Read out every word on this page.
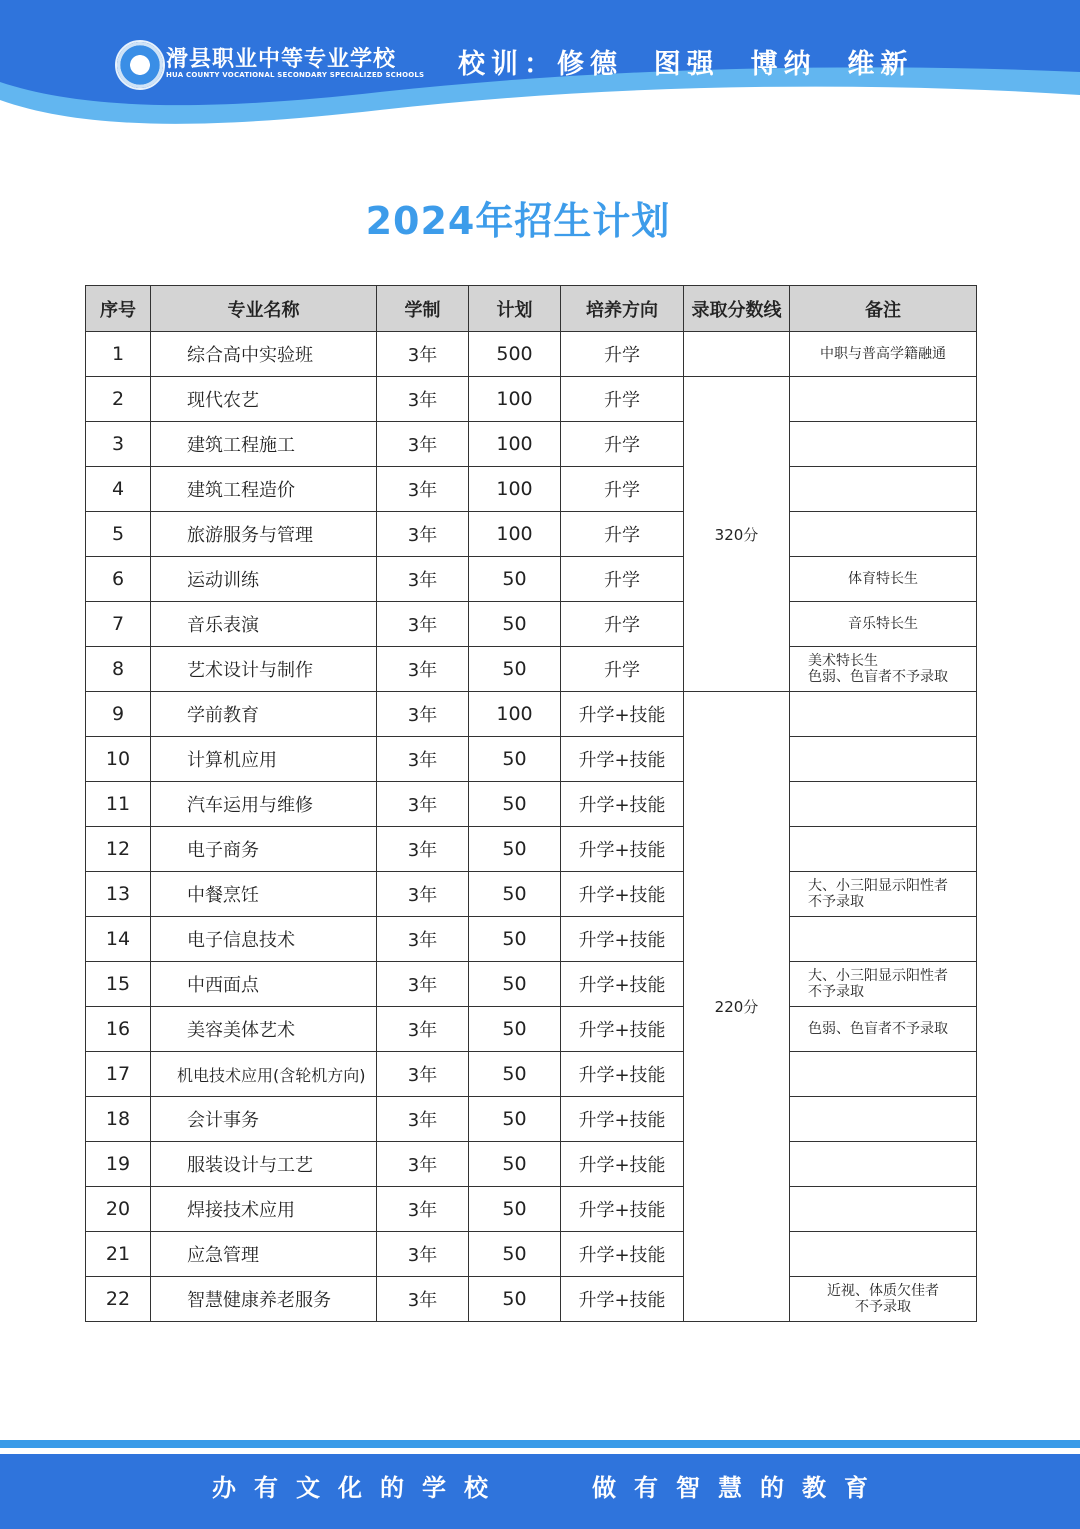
滑县职业中等专业学校
HUA COUNTY VOCATIONAL SECONDARY SPECIALIZED SCHOOLS 校训：修德  图强  博纳  维新
2024年招生计划
序号	专业名称	学制	计划	培养方向	录取分数线	备注
1	综合高中实验班	3年	500	升学		中职与普高学籍融通
2	现代农艺	3年	100	升学	320分	
3	建筑工程施工	3年	100	升学		
4	建筑工程造价	3年	100	升学		
5	旅游服务与管理	3年	100	升学		
6	运动训练	3年	50	升学		体育特长生
7	音乐表演	3年	50	升学		音乐特长生
8	艺术设计与制作	3年	50	升学		美术特长生
色弱、色盲者不予录取

9	学前教育	3年	100	升学+技能	220分	
10	计算机应用	3年	50	升学+技能		
11	汽车运用与维修	3年	50	升学+技能		
12	电子商务	3年	50	升学+技能		
13	中餐烹饪	3年	50	升学+技能		大、小三阳显示阳性者
不予录取

14	电子信息技术	3年	50	升学+技能		
15	中西面点	3年	50	升学+技能		大、小三阳显示阳性者
不予录取

16	美容美体艺术	3年	50	升学+技能		色弱、色盲者不予录取
17	机电技术应用(含轮机方向)	3年	50	升学+技能		
18	会计事务	3年	50	升学+技能		
19	服装设计与工艺	3年	50	升学+技能		
20	焊接技术应用	3年	50	升学+技能		
21	应急管理	3年	50	升学+技能		
22	智慧健康养老服务	3年	50	升学+技能		近视、体质欠佳者
不予录取
办有文化的学校	做有智慧的教育
